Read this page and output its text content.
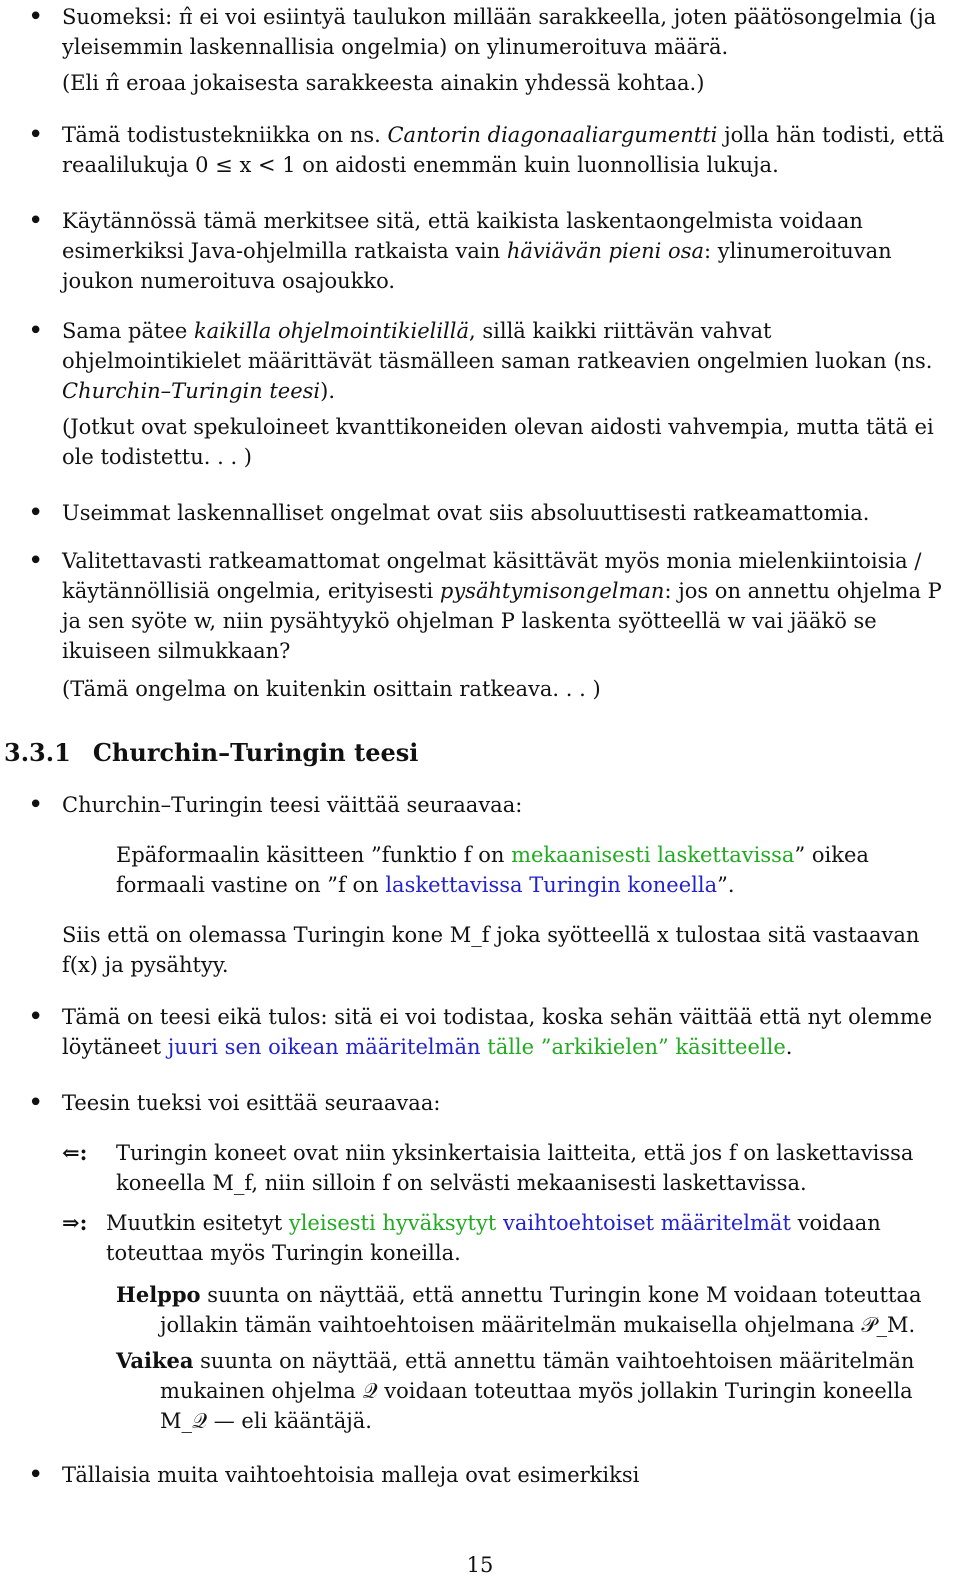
• Suomeksi: π̂ ei voi esiintyä taulukon millään sarakkeella, joten päätösongelmia (ja yleisemmin laskennallisia ongelmia) on ylinumeroituva määrä.

(Eli π̂ eroaa jokaisesta sarakkeesta ainakin yhdessä kohtaa.)

• Tämä todistustekniikka on ns. Cantorin diagonaaliargumentti jolla hän todisti, että reaalilukuja 0 ≤ x < 1 on aidosti enemmän kuin luonnollisia lukuja.

• Käytännössä tämä merkitsee sitä, että kaikista laskentaongelmista voidaan esimerkiksi Java-ohjelmilla ratkaista vain häviävän pieni osa: ylinumeroituvan joukon numeroituva osajoukko.

• Sama pätee kaikilla ohjelmointikielillä, sillä kaikki riittävän vahvat ohjelmointikielet määrittävät täsmälleen saman ratkeavien ongelmien luokan (ns. Churchin–Turingin teesi).

(Jotkut ovat spekuloineet kvanttikoneiden olevan aidosti vahvempia, mutta tätä ei ole todistettu. . . )

• Useimmat laskennalliset ongelmat ovat siis absoluuttisesti ratkeamattomia.

• Valitettavasti ratkeamattomat ongelmat käsittävät myös monia mielenkiintoisia / käytännöllisiä ongelmia, erityisesti pysähtymisongelman: jos on annettu ohjelma P ja sen syöte w, niin pysähtyykö ohjelman P laskenta syötteellä w vai jääkö se ikuiseen silmukkaan?

(Tämä ongelma on kuitenkin osittain ratkeava. . . )

3.3.1 Churchin–Turingin teesi

• Churchin–Turingin teesi väittää seuraavaa:

Epäformaalin käsitteen ”funktio f on mekaanisesti laskettavissa” oikea formaali vastine on ”f on laskettavissa Turingin koneella”.

Siis että on olemassa Turingin kone M_f joka syötteellä x tulostaa sitä vastaavan f(x) ja pysähtyy.

• Tämä on teesi eikä tulos: sitä ei voi todistaa, koska sehän väittää että nyt olemme löytäneet juuri sen oikean määritelmän tälle ”arkikielen” käsitteelle.

• Teesin tueksi voi esittää seuraavaa:

⇐: Turingin koneet ovat niin yksinkertaisia laitteita, että jos f on laskettavissa koneella M_f, niin silloin f on selvästi mekaanisesti laskettavissa.

⇒: Muutkin esitetyt yleisesti hyväksytyt vaihtoehtoiset määritelmät voidaan toteuttaa myös Turingin koneilla.

Helppo suunta on näyttää, että annettu Turingin kone M voidaan toteuttaa jollakin tämän vaihtoehtoisen määritelmän mukaisella ohjelmana 𝒫_M.

Vaikea suunta on näyttää, että annettu tämän vaihtoehtoisen määritelmän mukainen ohjelma 𝒬 voidaan toteuttaa myös jollakin Turingin koneella M_𝒬 — eli kääntäjä.

• Tällaisia muita vaihtoehtoisia malleja ovat esimerkiksi

15
